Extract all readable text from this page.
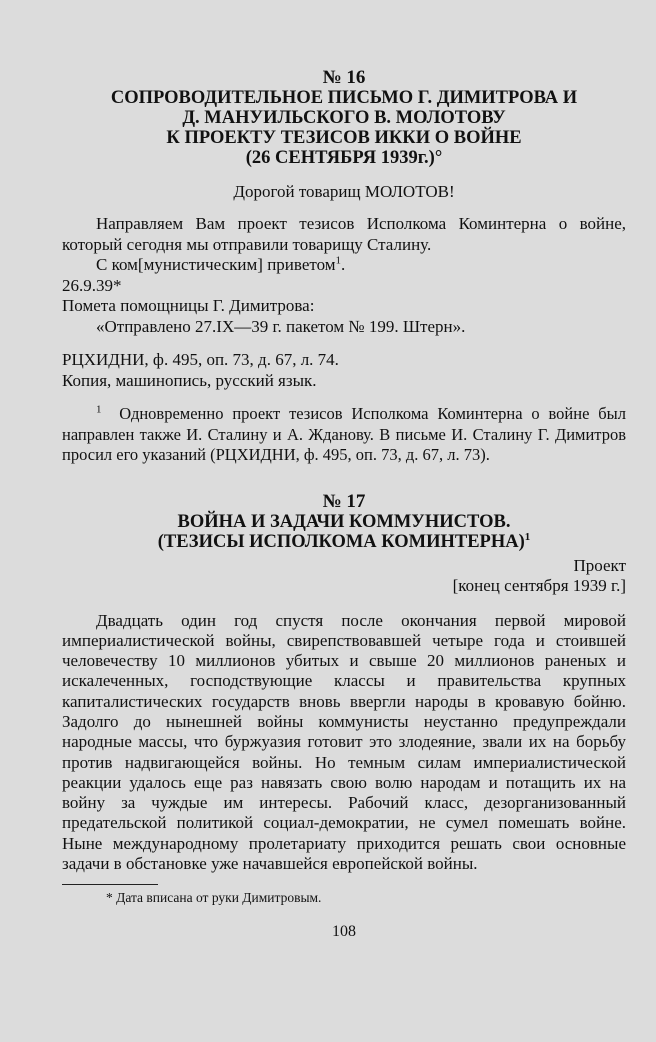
№ 16
СОПРОВОДИТЕЛЬНОЕ ПИСЬМО Г. ДИМИТРОВА И
Д. МАНУИЛЬСКОГО В. МОЛОТОВУ
К ПРОЕКТУ ТЕЗИСОВ ИККИ О ВОЙНЕ
(26 СЕНТЯБРЯ 1939г.)°
Дорогой товарищ МОЛОТОВ!

Направляем Вам проект тезисов Исполкома Коминтерна о войне, который сегодня мы отправили товарищу Сталину.

С ком[мунистическим] приветом$^1$.

26.9.39*

Помета помощницы Г. Димитрова:

«Отправлено 27.IX—39 г. пакетом № 199. Штерн».

РЦХИДНИ, ф. 495, оп. 73, д. 67, л. 74.

Копия, машинопись, русский язык.

$^1$ Одновременно проект тезисов Исполкома Коминтерна о войне был направлен также И. Сталину и А. Жданову. В письме И. Сталину Г. Димитров просил его указаний (РЦХИДНИ, ф. 495, оп. 73, д. 67, л. 73).

№ 17
ВОЙНА И ЗАДАЧИ КОММУНИСТОВ.
(ТЕЗИСЫ ИСПОЛКОМА КОМИНТЕРНА)$^1$

Проект

[конец сентября 1939 г.]

Двадцать один год спустя после окончания первой мировой империалистической войны, свирепствовавшей четыре года и стоившей человечеству 10 миллионов убитых и свыше 20 миллионов раненых и искалеченных, господствующие классы и правительства крупных капиталистических государств вновь ввергли народы в кровавую бойню. Задолго до нынешней войны коммунисты неустанно предупреждали народные массы, что буржуазия готовит это злодеяние, звали их на борьбу против надвигающейся войны. Но темным силам империалистической реакции удалось еще раз навязать свою волю народам и потащить их на войну за чуждые им интересы. Рабочий класс, дезорганизованный предательской политикой социал-демократии, не сумел помешать войне. Ныне международному пролетариату приходится решать свои основные задачи в обстановке уже начавшейся европейской войны.

* Дата вписана от руки Димитровым.
108
